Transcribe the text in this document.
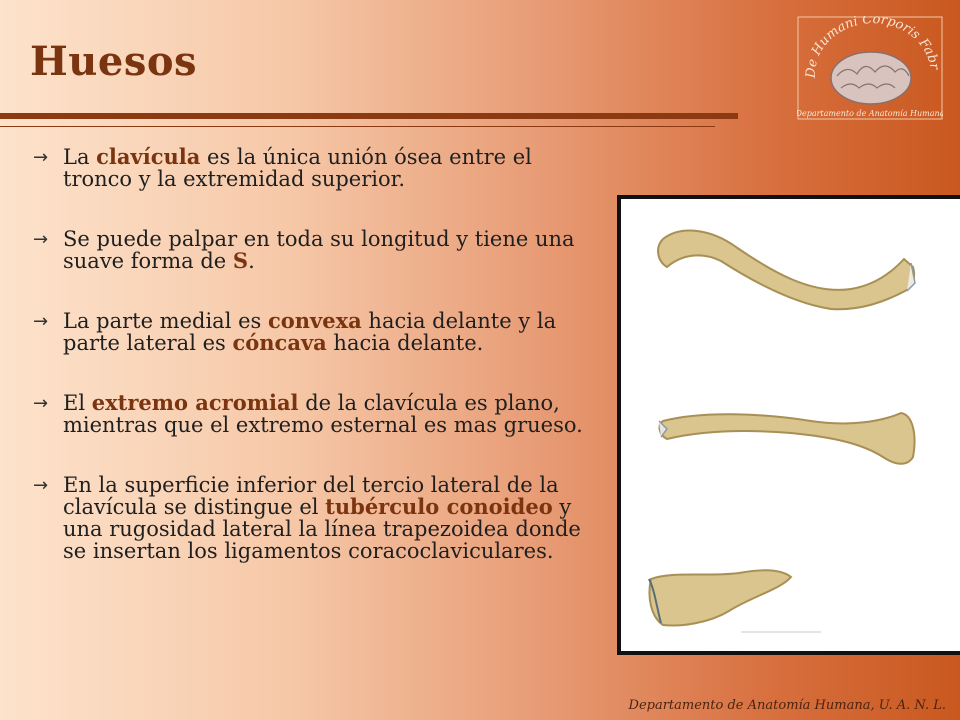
Huesos	De Humani Corporis Fabr
Departamento de Anatomía Humana
→ La clavícula es la única unión ósea entre el tronco y la extremidad superior.
→ Se puede palpar en toda su longitud y tiene una suave forma de S.
→ La parte medial es convexa hacia delante y la parte lateral es cóncava hacia delante.
→ El extremo acromial de la clavícula es plano, mientras que el extremo esternal es mas grueso.
→ En la superficie inferior del tercio lateral de la clavícula se distingue el tubérculo conoideo y una rugosidad lateral la línea trapezoidea donde se insertan los ligamentos coracoclaviculares.
Departamento de Anatomía Humana, U. A. N. L.
